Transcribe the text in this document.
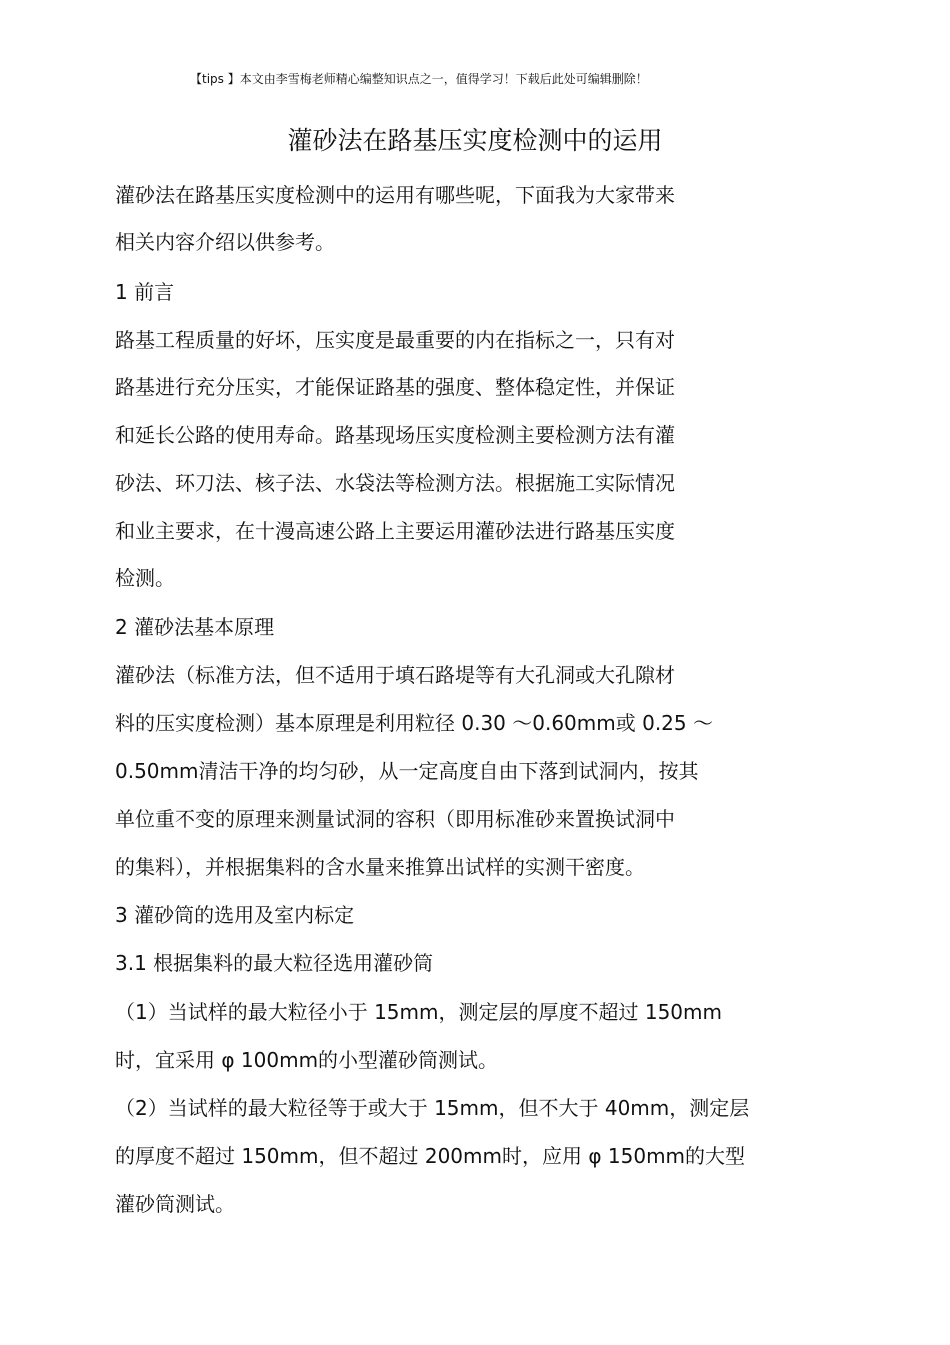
【tips 】本文由李雪梅老师精心编整知识点之一，值得学习！下载后此处可编辑删除！
灌砂法在路基压实度检测中的运用
灌砂法在路基压实度检测中的运用有哪些呢，下面我为大家带来
相关内容介绍以供参考。
1 前言
路基工程质量的好坏，压实度是最重要的内在指标之一，只有对
路基进行充分压实，才能保证路基的强度、整体稳定性，并保证
和延长公路的使用寿命。路基现场压实度检测主要检测方法有灌
砂法、环刀法、核子法、水袋法等检测方法。根据施工实际情况
和业主要求，在十漫高速公路上主要运用灌砂法进行路基压实度
检测。
2 灌砂法基本原理
灌砂法（标准方法，但不适用于填石路堤等有大孔洞或大孔隙材
料的压实度检测）基本原理是利用粒径 0.30 ～0.60mm或 0.25 ～
0.50mm清洁干净的均匀砂，从一定高度自由下落到试洞内，按其
单位重不变的原理来测量试洞的容积（即用标准砂来置换试洞中
的集料），并根据集料的含水量来推算出试样的实测干密度。
3 灌砂筒的选用及室内标定
3.1 根据集料的最大粒径选用灌砂筒
（1）当试样的最大粒径小于 15mm，测定层的厚度不超过 150mm
时，宜采用 φ 100mm的小型灌砂筒测试。
（2）当试样的最大粒径等于或大于 15mm，但不大于 40mm，测定层
的厚度不超过 150mm，但不超过 200mm时，应用 φ 150mm的大型
灌砂筒测试。
